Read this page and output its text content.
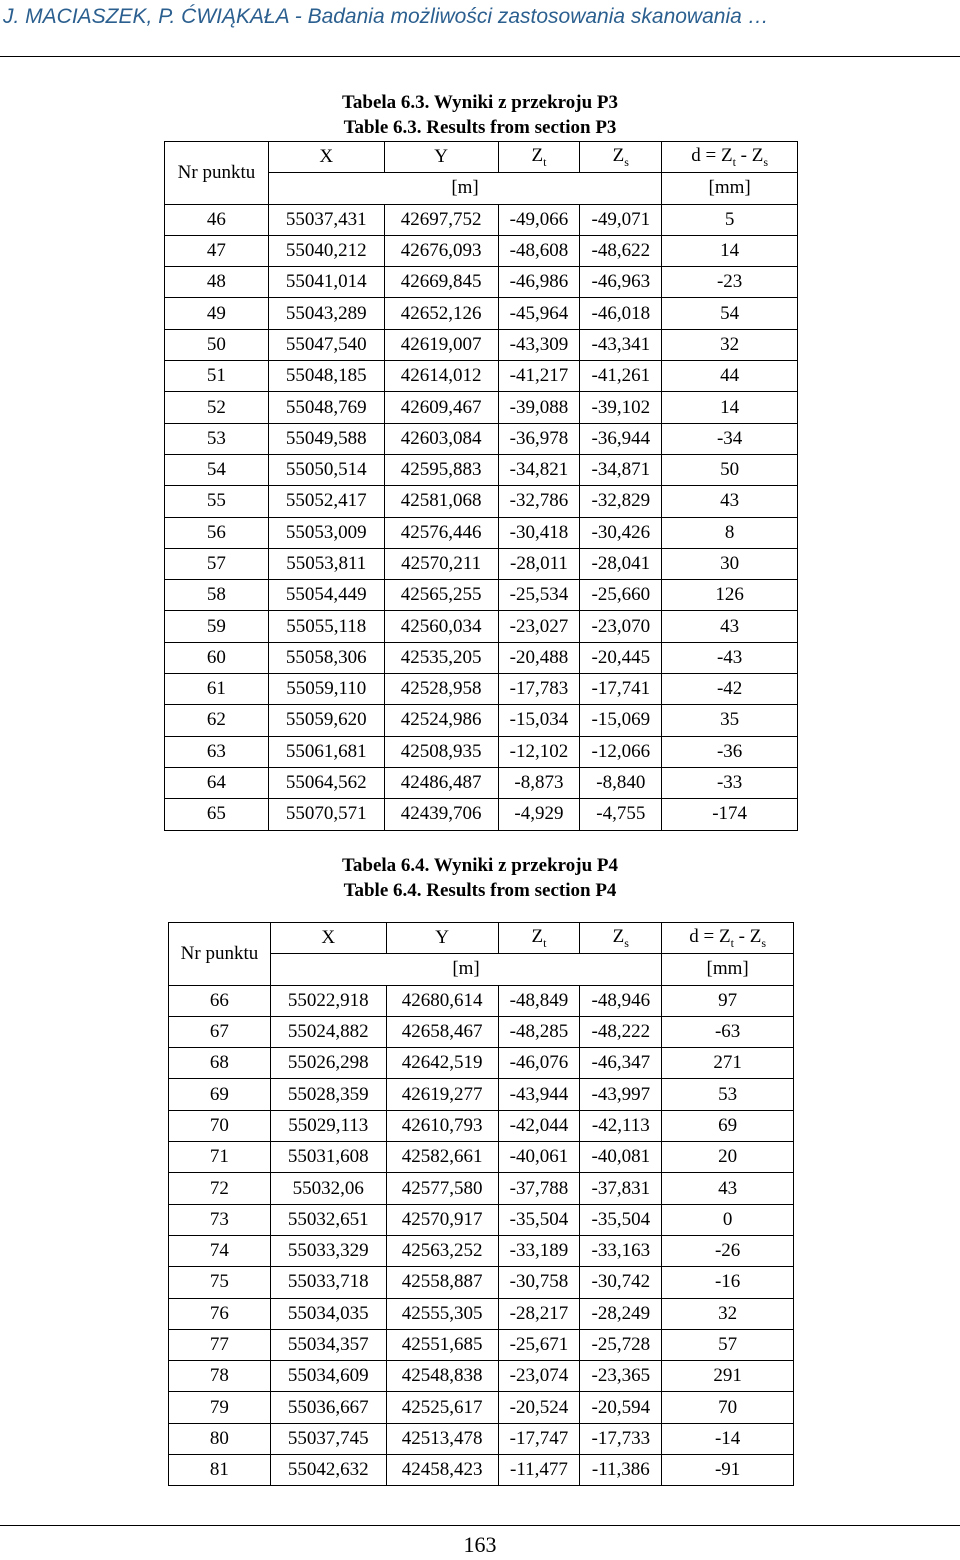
J. MACIASZEK, P. ĆWIĄKAŁA - Badania możliwości zastosowania skanowania …
Tabela 6.3. Wyniki z przekroju P3
Table 6.3. Results from section P3
Nr punktu	X	Y	$Z_t$	$Z_s$	$d = Z_t - Z_s$
	[m]				[mm]
46	55037,431	42697,752	-49,066	-49,071	5
47	55040,212	42676,093	-48,608	-48,622	14
48	55041,014	42669,845	-46,986	-46,963	-23
49	55043,289	42652,126	-45,964	-46,018	54
50	55047,540	42619,007	-43,309	-43,341	32
51	55048,185	42614,012	-41,217	-41,261	44
52	55048,769	42609,467	-39,088	-39,102	14
53	55049,588	42603,084	-36,978	-36,944	-34
54	55050,514	42595,883	-34,821	-34,871	50
55	55052,417	42581,068	-32,786	-32,829	43
56	55053,009	42576,446	-30,418	-30,426	8
57	55053,811	42570,211	-28,011	-28,041	30
58	55054,449	42565,255	-25,534	-25,660	126
59	55055,118	42560,034	-23,027	-23,070	43
60	55058,306	42535,205	-20,488	-20,445	-43
61	55059,110	42528,958	-17,783	-17,741	-42
62	55059,620	42524,986	-15,034	-15,069	35
63	55061,681	42508,935	-12,102	-12,066	-36
64	55064,562	42486,487	-8,873	-8,840	-33
65	55070,571	42439,706	-4,929	-4,755	-174
Tabela 6.4. Wyniki z przekroju P4
Table 6.4. Results from section P4
Nr punktu	X	Y	$Z_t$	$Z_s$	$d = Z_t - Z_s$
	[m]				[mm]
66	55022,918	42680,614	-48,849	-48,946	97
67	55024,882	42658,467	-48,285	-48,222	-63
68	55026,298	42642,519	-46,076	-46,347	271
69	55028,359	42619,277	-43,944	-43,997	53
70	55029,113	42610,793	-42,044	-42,113	69
71	55031,608	42582,661	-40,061	-40,081	20
72	55032,06	42577,580	-37,788	-37,831	43
73	55032,651	42570,917	-35,504	-35,504	0
74	55033,329	42563,252	-33,189	-33,163	-26
75	55033,718	42558,887	-30,758	-30,742	-16
76	55034,035	42555,305	-28,217	-28,249	32
77	55034,357	42551,685	-25,671	-25,728	57
78	55034,609	42548,838	-23,074	-23,365	291
79	55036,667	42525,617	-20,524	-20,594	70
80	55037,745	42513,478	-17,747	-17,733	-14
81	55042,632	42458,423	-11,477	-11,386	-91
163
